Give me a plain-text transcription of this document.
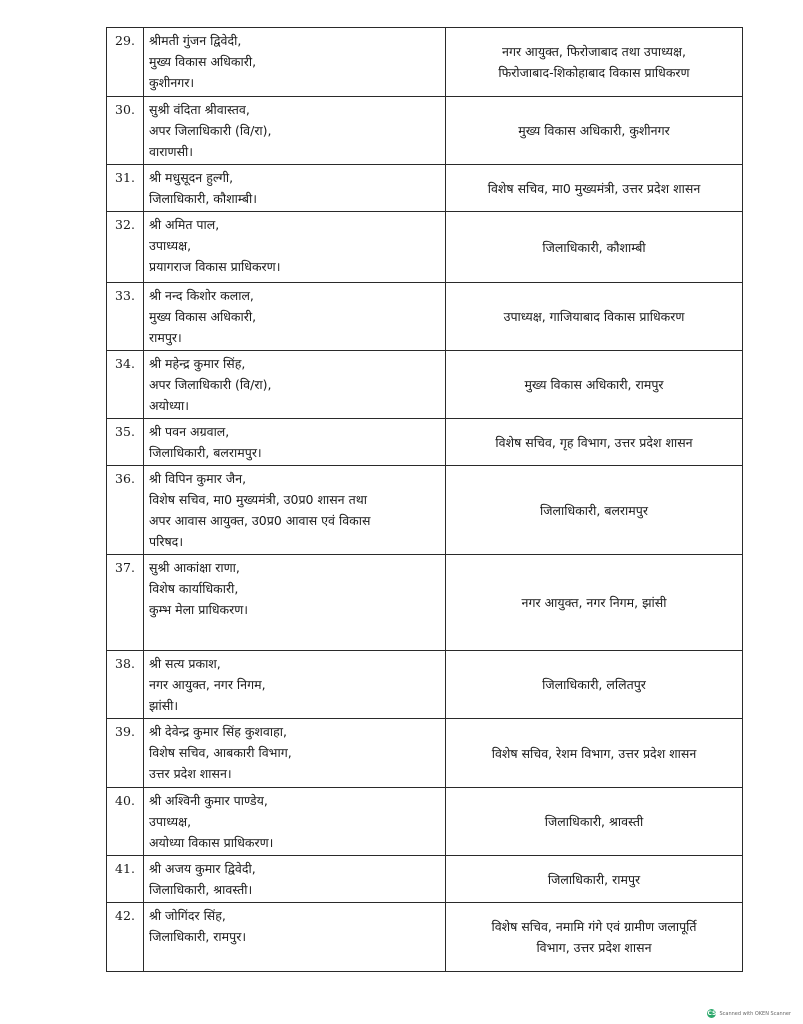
29.	श्रीमती गुंजन द्विवेदी,
मुख्य विकास अधिकारी,
कुशीनगर।	नगर आयुक्त, फिरोजाबाद तथा उपाध्यक्ष,
फिरोजाबाद-शिकोहाबाद विकास प्राधिकरण

30.	सुश्री वंदिता श्रीवास्तव,
अपर जिलाधिकारी (वि/रा),
वाराणसी।	मुख्य विकास अधिकारी, कुशीनगर

31.	श्री मधुसूदन हुल्गी,
जिलाधिकारी, कौशाम्बी।	विशेष सचिव, मा0 मुख्यमंत्री, उत्तर प्रदेश शासन

32.	श्री अमित पाल,
उपाध्यक्ष,
प्रयागराज विकास प्राधिकरण।	जिलाधिकारी, कौशाम्बी

33.	श्री नन्द किशोर कलाल,
मुख्य विकास अधिकारी,
रामपुर।	उपाध्यक्ष, गाजियाबाद विकास प्राधिकरण

34.	श्री महेन्द्र कुमार सिंह,
अपर जिलाधिकारी (वि/रा),
अयोध्या।	मुख्य विकास अधिकारी, रामपुर

35.	श्री पवन अग्रवाल,
जिलाधिकारी, बलरामपुर।	विशेष सचिव, गृह विभाग, उत्तर प्रदेश शासन

36.	श्री विपिन कुमार जैन,
विशेष सचिव, मा0 मुख्यमंत्री, उ0प्र0 शासन तथा
अपर आवास आयुक्त, उ0प्र0 आवास एवं विकास
परिषद।	जिलाधिकारी, बलरामपुर

37.	सुश्री आकांक्षा राणा,
विशेष कार्याधिकारी,
कुम्भ मेला प्राधिकरण।	नगर आयुक्त, नगर निगम, झांसी

38.	श्री सत्य प्रकाश,
नगर आयुक्त, नगर निगम,
झांसी।	जिलाधिकारी, ललितपुर

39.	श्री देवेन्द्र कुमार सिंह कुशवाहा,
विशेष सचिव, आबकारी विभाग,
उत्तर प्रदेश शासन।	विशेष सचिव, रेशम विभाग, उत्तर प्रदेश शासन

40.	श्री अश्विनी कुमार पाण्डेय,
उपाध्यक्ष,
अयोध्या विकास प्राधिकरण।	जिलाधिकारी, श्रावस्ती

41.	श्री अजय कुमार द्विवेदी,
जिलाधिकारी, श्रावस्ती।	जिलाधिकारी, रामपुर

42.	श्री जोगिंदर सिंह,
जिलाधिकारी, रामपुर।	विशेष सचिव, नमामि गंगे एवं ग्रामीण जलापूर्ति
विभाग, उत्तर प्रदेश शासन
CS Scanned with OKEN Scanner
